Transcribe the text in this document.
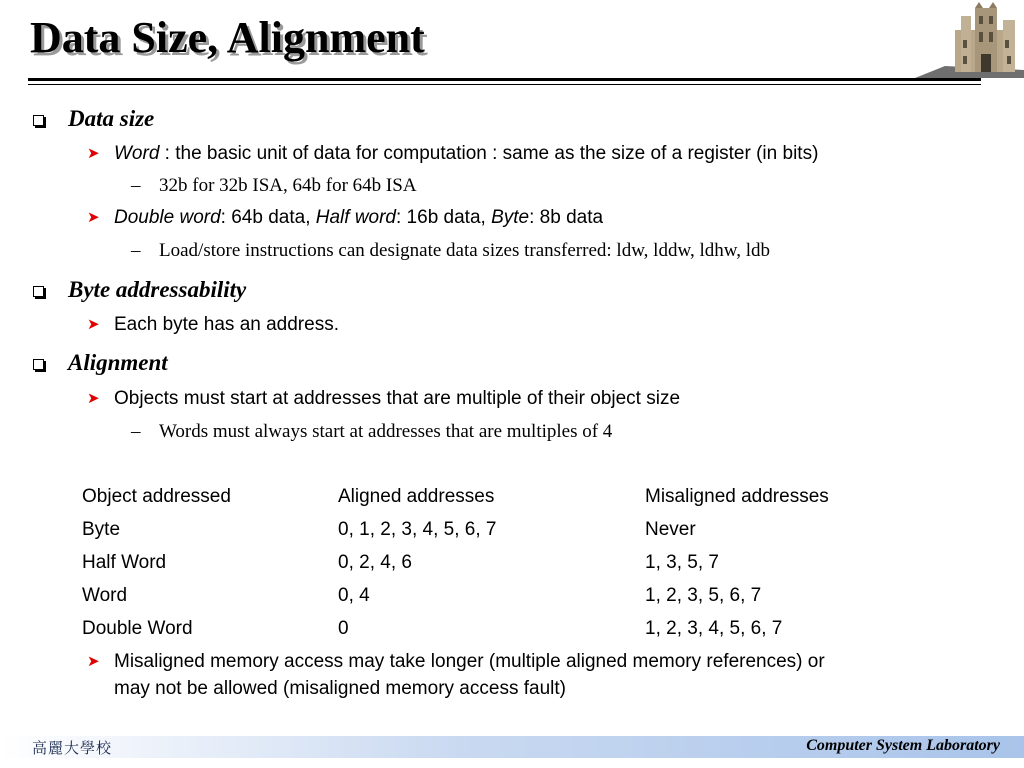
Data Size, Alignment
Data size
➤ Word : the basic unit of data for computation : same as the size of a register (in bits)
– 32b for 32b ISA, 64b for 64b ISA
➤ Double word: 64b data, Half word: 16b data, Byte: 8b data
– Load/store instructions can designate data sizes transferred: ldw, lddw, ldhw, ldb
Byte addressability
➤ Each byte has an address.
Alignment
➤ Objects must start at addresses that are multiple of their object size
– Words must always start at addresses that are multiples of 4
Object addressed	Aligned addresses	Misaligned addresses
Byte	0, 1, 2, 3, 4, 5, 6, 7	Never
Half Word	0, 2, 4, 6	1, 3, 5, 7
Word	0, 4	1, 2, 3, 5, 6, 7
Double Word	0	1, 2, 3, 4, 5, 6, 7
➤ Misaligned memory access may take longer (multiple aligned memory references) or
may not be allowed (misaligned memory access fault)
高麗大學校	Computer System Laboratory
